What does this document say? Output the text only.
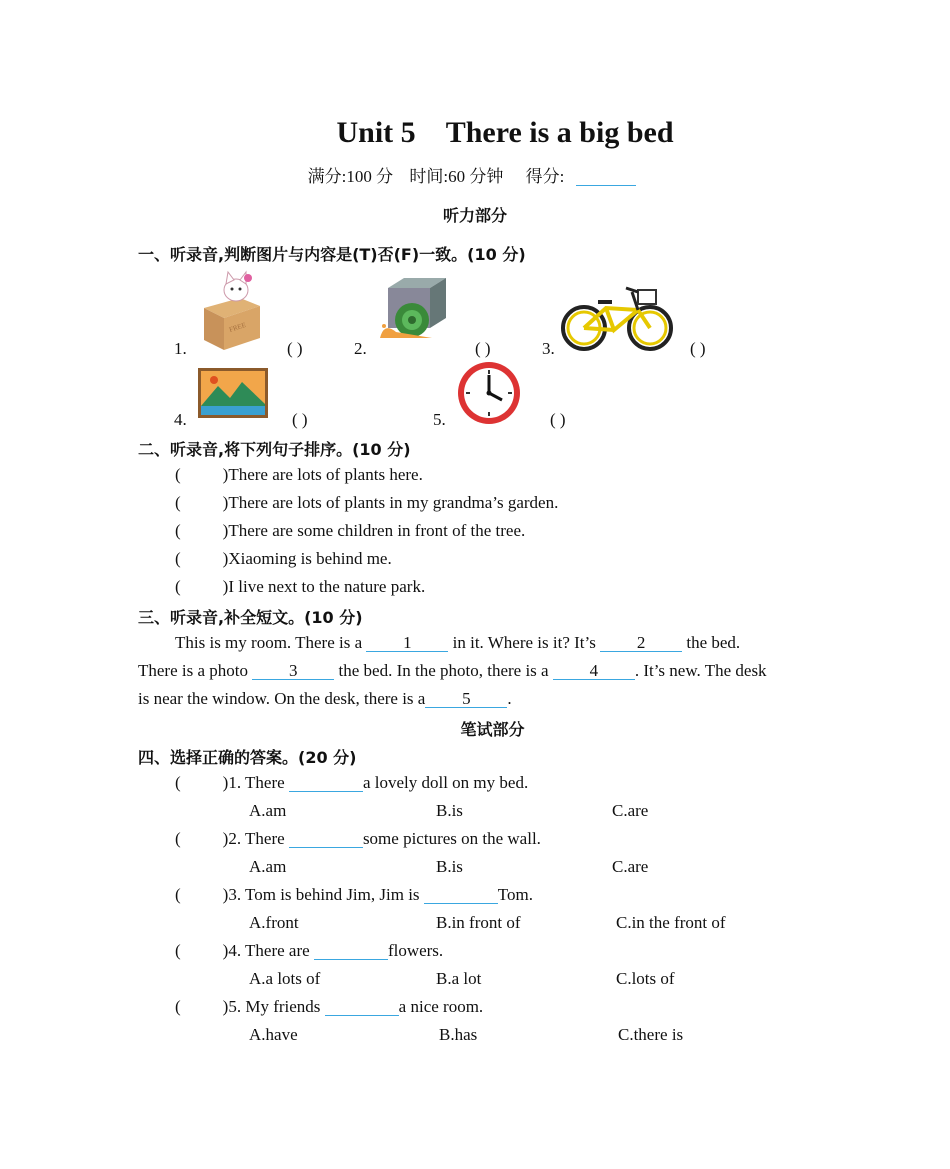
Unit 5 There is a big bed
满分:100 分 时间:60 分钟 得分:
听力部分
一、听录音,判断图片与内容是(T)否(F)一致。(10 分)
FREE
1.	( )	2.	( )	3.	( )
4.	( )	5.	( )
二、听录音,将下列句子排序。(10 分)
( )There are lots of plants here.
( )There are lots of plants in my grandma’s garden.
( )There are some children in front of the tree.
( )Xiaoming is behind me.
( )I live next to the nature park.
三、听录音,补全短文。(10 分)
This is my room. There is a 1 in it. Where is it? It’s 2 the bed.
There is a photo 3 the bed. In the photo, there is a 4 . It’s new. The desk
is near the window. On the desk, there is a 5 .
笔试部分
四、选择正确的答案。(20 分)
( )1. There	a lovely doll on my bed.
A.am	B.is	C.are
( )2. There	some pictures on the wall.
A.am	B.is	C.are
( )3. Tom is behind Jim, Jim is	Tom.
A.front	B.in front of	C.in the front of
( )4. There are	flowers.
A.a lots of	B.a lot	C.lots of
( )5. My friends	a nice room.
A.have	B.has	C.there is
